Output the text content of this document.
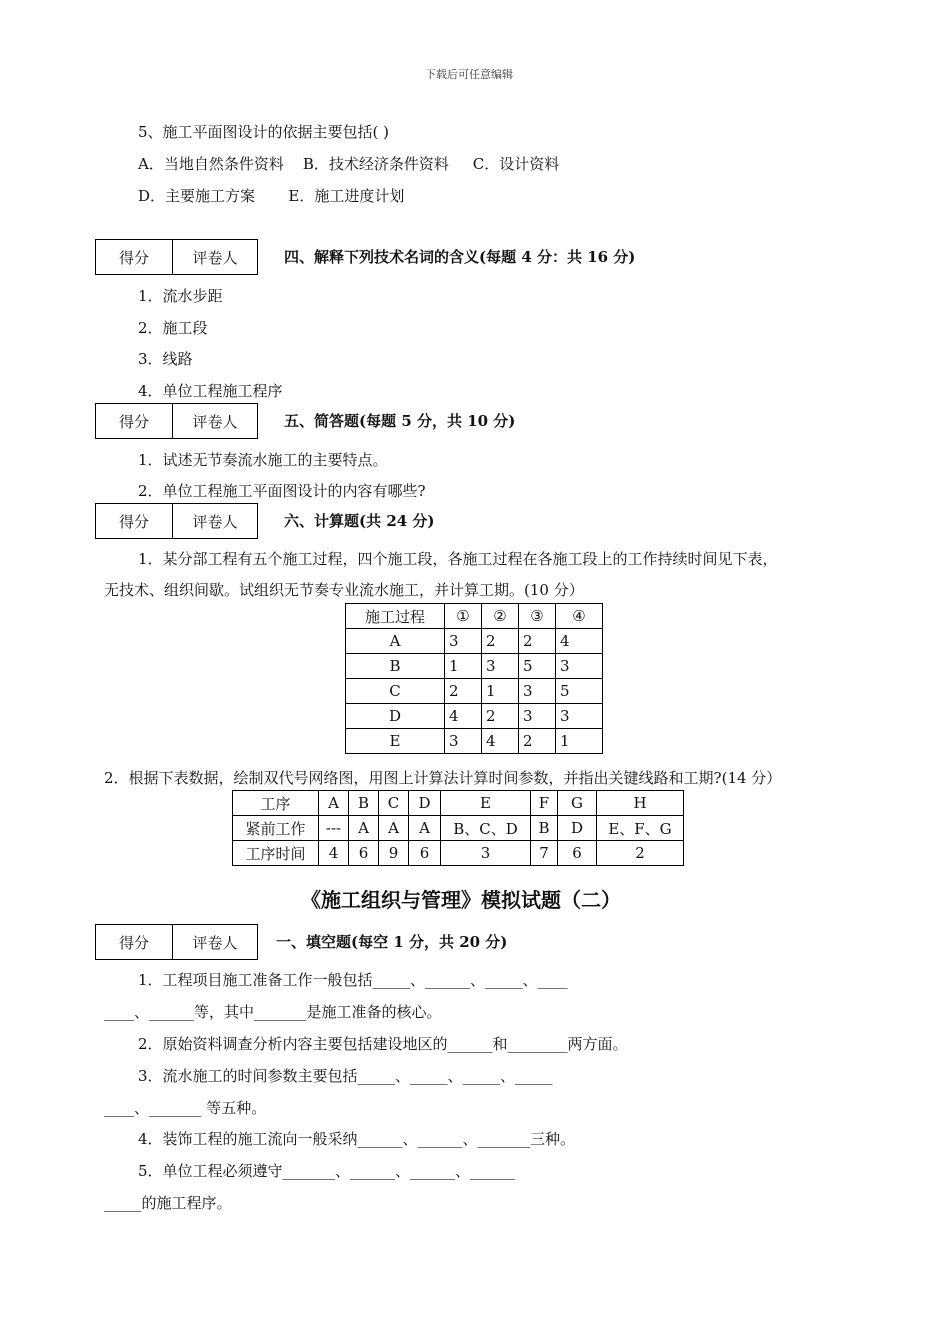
下载后可任意编辑
5、施工平面图设计的依据主要包括( )
A．当地自然条件资料    B．技术经济条件资料     C．设计资料
D．主要施工方案       E．施工进度计划
得分	评卷人	四、解释下列技术名词的含义(每题 4 分：共 16 分)
1．流水步距
2．施工段
3．线路
4．单位工程施工程序
得分	评卷人	五、简答题(每题 5 分，共 10 分)
1．试述无节奏流水施工的主要特点。
2．单位工程施工平面图设计的内容有哪些?
得分	评卷人	六、计算题(共 24 分)
1．某分部工程有五个施工过程，四个施工段，各施工过程在各施工段上的工作持续时间见下表，
无技术、组织间歇。试组织无节奏专业流水施工，并计算工期。(10 分）
施工过程	①	②	③	④
A	3	2	2	4
B	1	3	5	3
C	2	1	3	5
D	4	2	3	3
E	3	4	2	1
2．根据下表数据，绘制双代号网络图，用图上计算法计算时间参数，并指出关键线路和工期?(14 分）
工序	A	B	C	D	E	F	G	H
紧前工作	---	A	A	A	B、C、D	B	D	E、F、G
工序时间	4	6	9	6	3	7	6	2
《施工组织与管理》模拟试题（二）
得分	评卷人	一、填空题(每空 1 分，共 20 分)
1．工程项目施工准备工作一般包括_____、______、_____、____
____、______等，其中_______是施工准备的核心。
2．原始资料调查分析内容主要包括建设地区的______和________两方面。
3．流水施工的时间参数主要包括_____、_____、_____、_____
____、_______ 等五种。
4．装饰工程的施工流向一般采纳______、______、_______三种。
5．单位工程必须遵守_______、______、______、______
_____的施工程序。
